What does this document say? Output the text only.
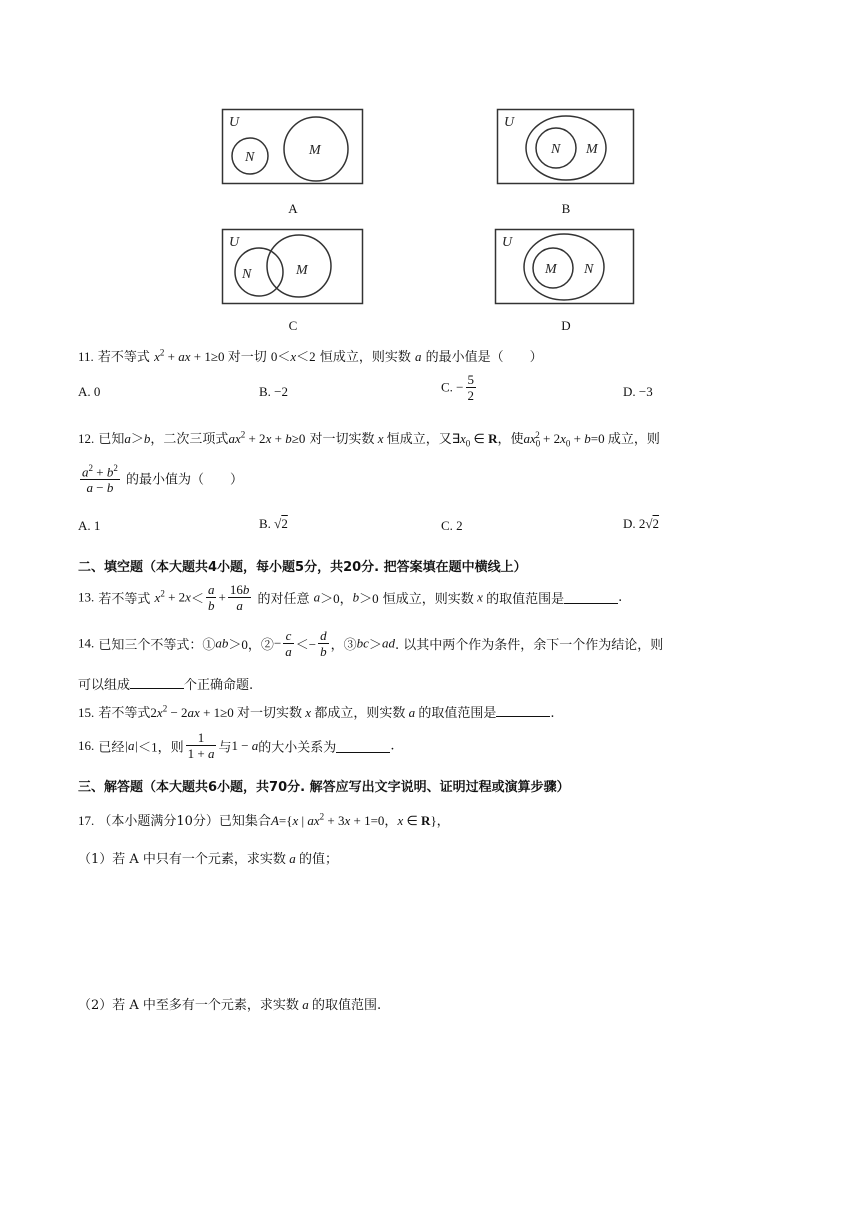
U
N	M
A
U
M
N
B
U
N	M
C
U
N
M
D
11. 若不等式 $x^2$ + ax + 1≥0 对一切 0＜x＜2 恒成立，则实数 a 的最小值是（　　）
A. 0	B. −2	C. − $\frac{5}{2}$	D. −3
12. 已知a＞b，二次三项式$ax^2 + 2x + b\ge 0$ 对一切实数 x 恒成立，又$\exists x_0$ ∈ R，使$ax_0^2 + 2x_0 + b=0$ 成立，则
$\frac{a^2 + b^2}{a - b}$ 的最小值为（　　）
A. 1	B. √2	C. 2	D. 2√2
二、填空题（本大题共4小题，每小题5分，共20分. 把答案填在题中横线上）
13. 若不等式 $x^2 + 2x< \frac{a}{b} + \frac{16b}{a}$ 的对任意 a＞0，b＞0 恒成立，则实数 x 的取值范围是	.
14. 已知三个不等式：①ab＞0，②− $\frac{c}{a} <- \frac{d}{b}$ ，③bc＞ad. 以其中两个作为条件，余下一个作为结论，则
可以组成	个正确命题.
15. 若不等式$2x^2 - 2ax + 1\ge 0$ 对一切实数 x 都成立，则实数 a 的取值范围是	.
16. 已经|a|＜1，则 $\frac{1}{1 + a}$ 与1 − a的大小关系为	.
三、解答题（本大题共6小题，共70分. 解答应写出文字说明、证明过程或演算步骤）
17. （本小题满分10分）已知集合A={x | $ax^2 + 3x + 1=0$，x ∈ R}，
（1）若 A 中只有一个元素，求实数 a 的值；
（2）若 A 中至多有一个元素，求实数 a 的取值范围.
